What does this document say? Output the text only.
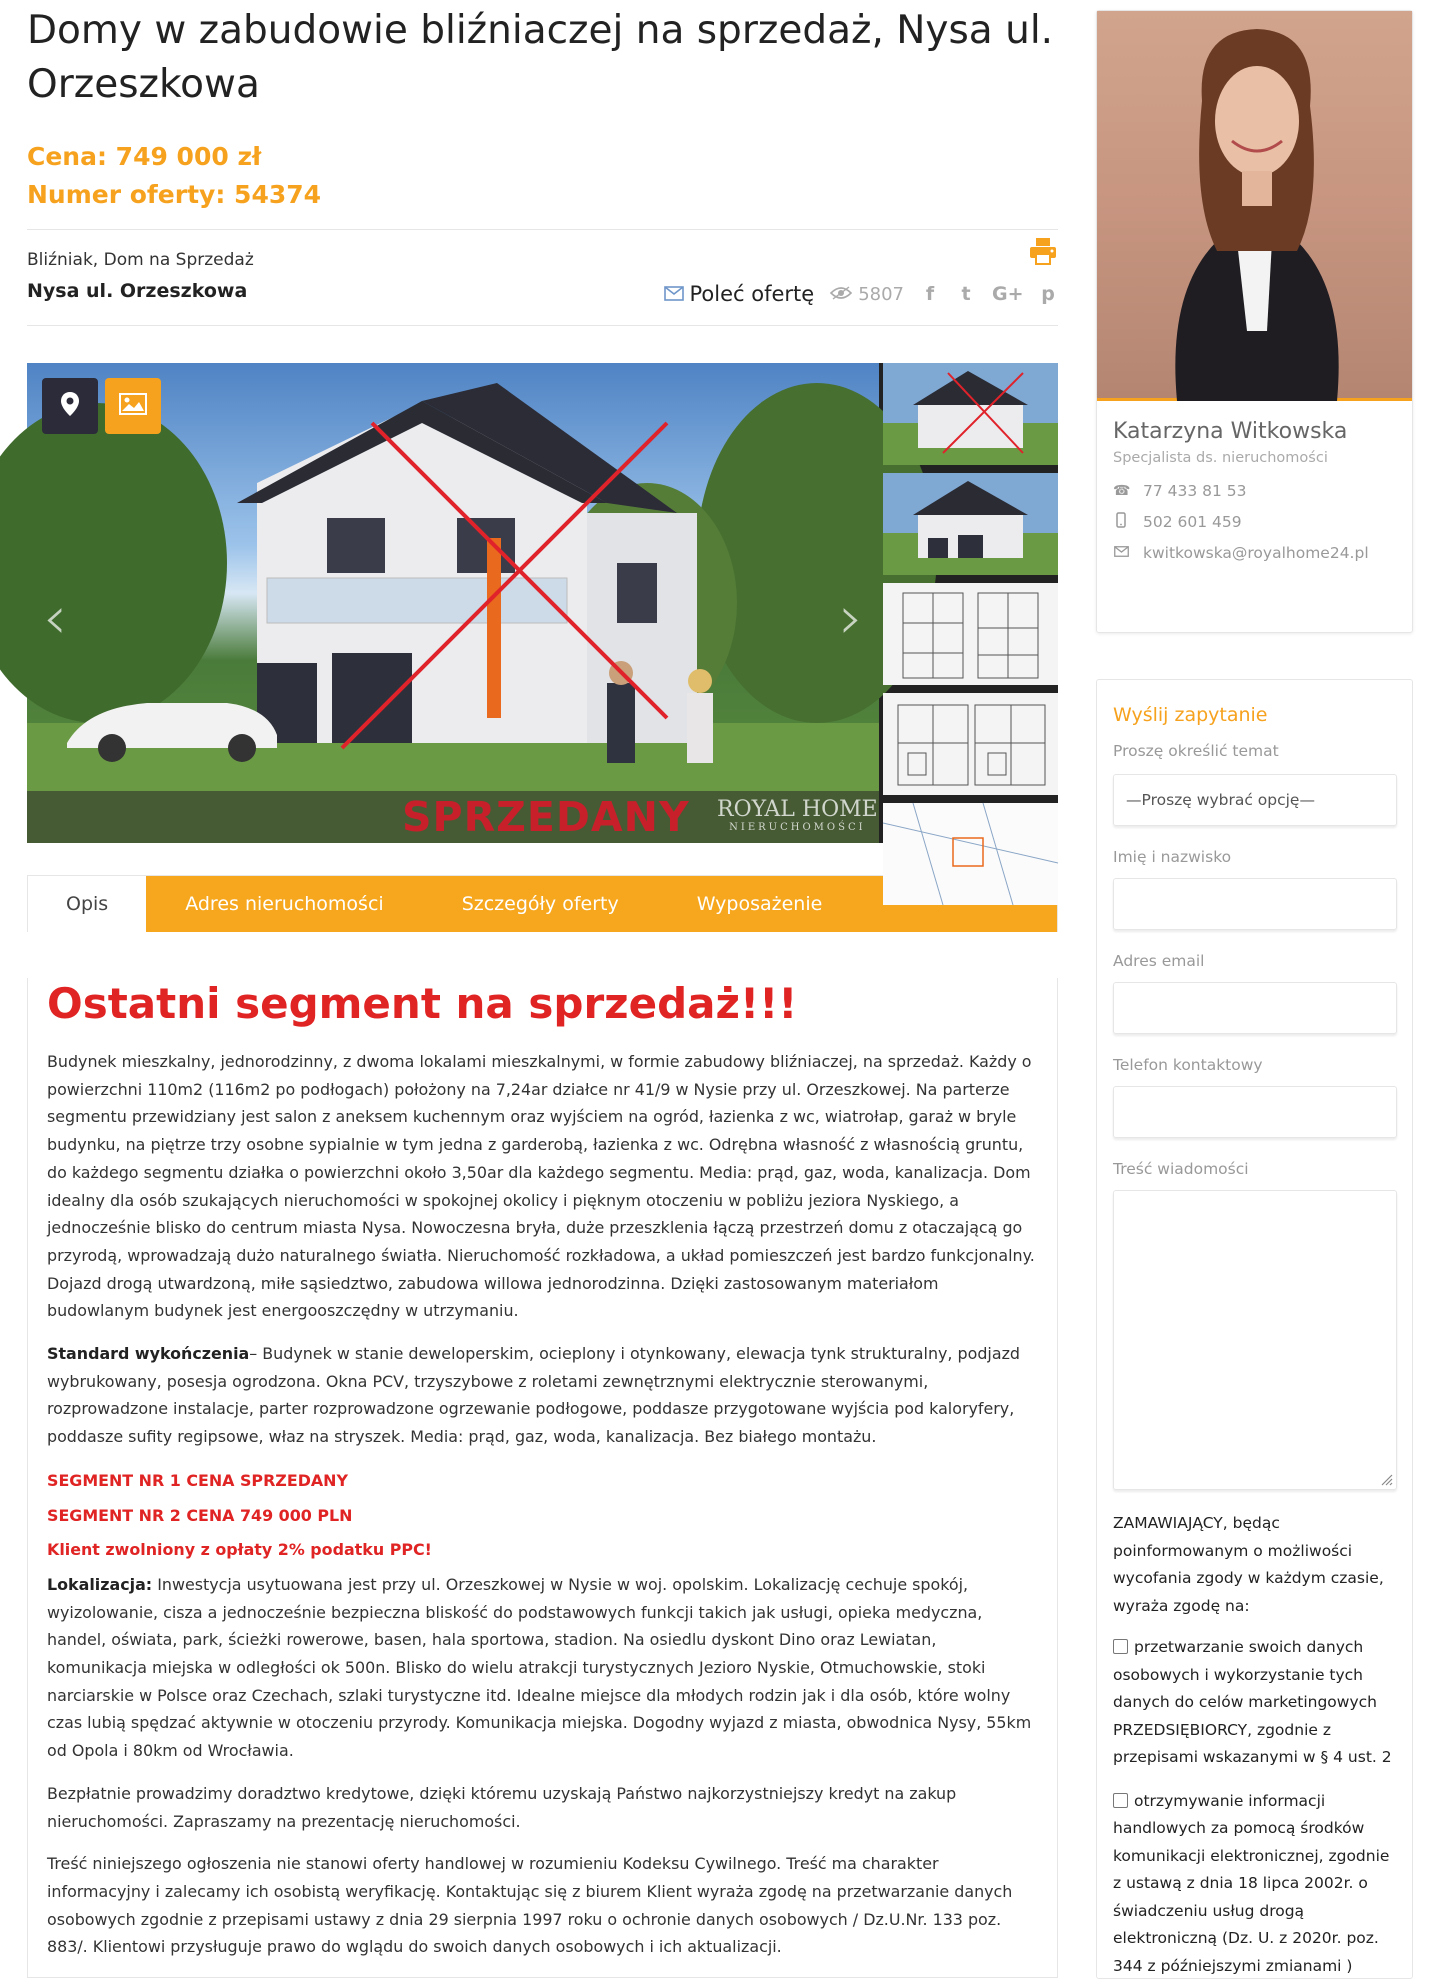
Domy w zabudowie bliźniaczej na sprzedaż, Nysa ul. Orzeszkowa
Cena: 749 000 zł
Numer oferty: 54374
Bliźniak, Dom na Sprzedaż
Nysa ul. Orzeszkowa	Poleć ofertę 5807	f	t G+ p
‹	›
SPRZEDANY ROYAL HOME
NIERUCHOMOŚCI
Opis	Adres nieruchomości	Szczegóły oferty	Wyposażenie
Ostatni segment na sprzedaż!!!

Budynek mieszkalny, jednorodzinny, z dwoma lokalami mieszkalnymi, w formie zabudowy bliźniaczej, na sprzedaż. Każdy o powierzchni 110m2 (116m2 po podłogach) położony na 7,24ar działce nr 41/9 w Nysie przy ul. Orzeszkowej. Na parterze segmentu przewidziany jest salon z aneksem kuchennym oraz wyjściem na ogród, łazienka z wc, wiatrołap, garaż w bryle budynku, na piętrze trzy osobne sypialnie w tym jedna z garderobą, łazienka z wc. Odrębna własność z własnością gruntu, do każdego segmentu działka o powierzchni około 3,50ar dla każdego segmentu. Media: prąd, gaz, woda, kanalizacja. Dom idealny dla osób szukających nieruchomości w spokojnej okolicy i pięknym otoczeniu w pobliżu jeziora Nyskiego, a jednocześnie blisko do centrum miasta Nysa. Nowoczesna bryła, duże przeszklenia łączą przestrzeń domu z otaczającą go przyrodą, wprowadzają dużo naturalnego światła. Nieruchomość rozkładowa, a układ pomieszczeń jest bardzo funkcjonalny. Dojazd drogą utwardzoną, miłe sąsiedztwo, zabudowa willowa jednorodzinna. Dzięki zastosowanym materiałom budowlanym budynek jest energooszczędny w utrzymaniu.

Standard wykończenia– Budynek w stanie deweloperskim, ocieplony i otynkowany, elewacja tynk strukturalny, podjazd wybrukowany, posesja ogrodzona. Okna PCV, trzyszybowe z roletami zewnętrznymi elektrycznie sterowanymi, rozprowadzone instalacje, parter rozprowadzone ogrzewanie podłogowe, poddasze przygotowane wyjścia pod kaloryfery, poddasze sufity regipsowe, właz na stryszek. Media: prąd, gaz, woda, kanalizacja. Bez białego montażu.

SEGMENT NR 1 CENA SPRZEDANY

SEGMENT NR 2 CENA 749 000 PLN

Klient zwolniony z opłaty 2% podatku PPC!

Lokalizacja: Inwestycja usytuowana jest przy ul. Orzeszkowej w Nysie w woj. opolskim. Lokalizację cechuje spokój, wyizolowanie, cisza a jednocześnie bezpieczna bliskość do podstawowych funkcji takich jak usługi, opieka medyczna, handel, oświata, park, ścieżki rowerowe, basen, hala sportowa, stadion. Na osiedlu dyskont Dino oraz Lewiatan, komunikacja miejska w odległości ok 500n. Blisko do wielu atrakcji turystycznych Jezioro Nyskie, Otmuchowskie, stoki narciarskie w Polsce oraz Czechach, szlaki turystyczne itd. Idealne miejsce dla młodych rodzin jak i dla osób, które wolny czas lubią spędzać aktywnie w otoczeniu przyrody. Komunikacja miejska. Dogodny wyjazd z miasta, obwodnica Nysy, 55km od Opola i 80km od Wrocławia.

Bezpłatnie prowadzimy doradztwo kredytowe, dzięki któremu uzyskają Państwo najkorzystniejszy kredyt na zakup nieruchomości. Zapraszamy na prezentację nieruchomości.

Treść niniejszego ogłoszenia nie stanowi oferty handlowej w rozumieniu Kodeksu Cywilnego. Treść ma charakter informacyjny i zalecamy ich osobistą weryfikację. Kontaktując się z biurem Klient wyraża zgodę na przetwarzanie danych osobowych zgodnie z przepisami ustawy z dnia 29 sierpnia 1997 roku o ochronie danych osobowych / Dz.U.Nr. 133 poz. 883/. Klientowi przysługuje prawo do wglądu do swoich danych osobowych i ich aktualizacji.

Katarzyna Witkowska
Specjalista ds. nieruchomości
☎ 77 433 81 53
502 601 459
kwitkowska@royalhome24.pl
Wyślij zapytanie
Proszę określić temat
—Proszę wybrać opcję—
Imię i nazwisko
Adres email
Telefon kontaktowy
Treść wiadomości

ZAMAWIAJĄCY, będąc poinformowanym o możliwości wycofania zgody w każdym czasie, wyraża zgodę na:

przetwarzanie swoich danych osobowych i wykorzystanie tych danych do celów marketingowych PRZEDSIĘBIORCY, zgodnie z przepisami wskazanymi w § 4 ust. 2

otrzymywanie informacji handlowych za pomocą środków komunikacji elektronicznej, zgodnie z ustawą z dnia 18 lipca 2002r. o świadczeniu usług drogą elektroniczną (Dz. U. z 2020r. poz. 344 z późniejszymi zmianami )
